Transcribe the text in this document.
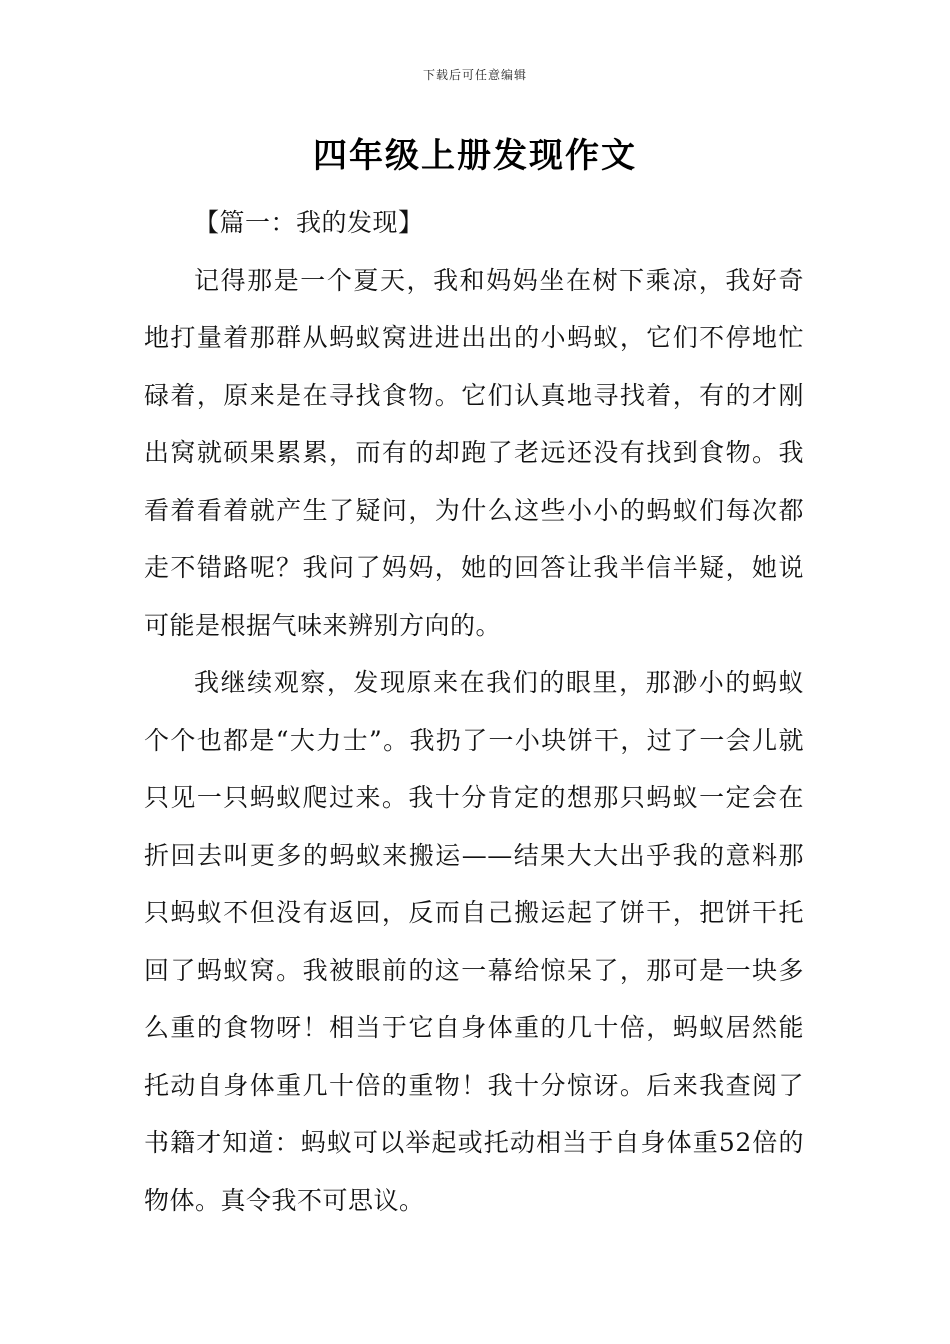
下载后可任意编辑
四年级上册发现作文

【篇一：我的发现】

记得那是一个夏天，我和妈妈坐在树下乘凉，我好奇地打量着那群从蚂蚁窝进进出出的小蚂蚁，它们不停地忙碌着，原来是在寻找食物。它们认真地寻找着，有的才刚出窝就硕果累累，而有的却跑了老远还没有找到食物。我看着看着就产生了疑问，为什么这些小小的蚂蚁们每次都走不错路呢？我问了妈妈，她的回答让我半信半疑，她说可能是根据气味来辨别方向的。

我继续观察，发现原来在我们的眼里，那渺小的蚂蚁个个也都是“大力士”。我扔了一小块饼干，过了一会儿就只见一只蚂蚁爬过来。我十分肯定的想那只蚂蚁一定会在折回去叫更多的蚂蚁来搬运——结果大大出乎我的意料那只蚂蚁不但没有返回，反而自己搬运起了饼干，把饼干托回了蚂蚁窝。我被眼前的这一幕给惊呆了，那可是一块多么重的食物呀！相当于它自身体重的几十倍，蚂蚁居然能托动自身体重几十倍的重物！我十分惊讶。后来我查阅了书籍才知道：蚂蚁可以举起或托动相当于自身体重52倍的物体。真令我不可思议。
